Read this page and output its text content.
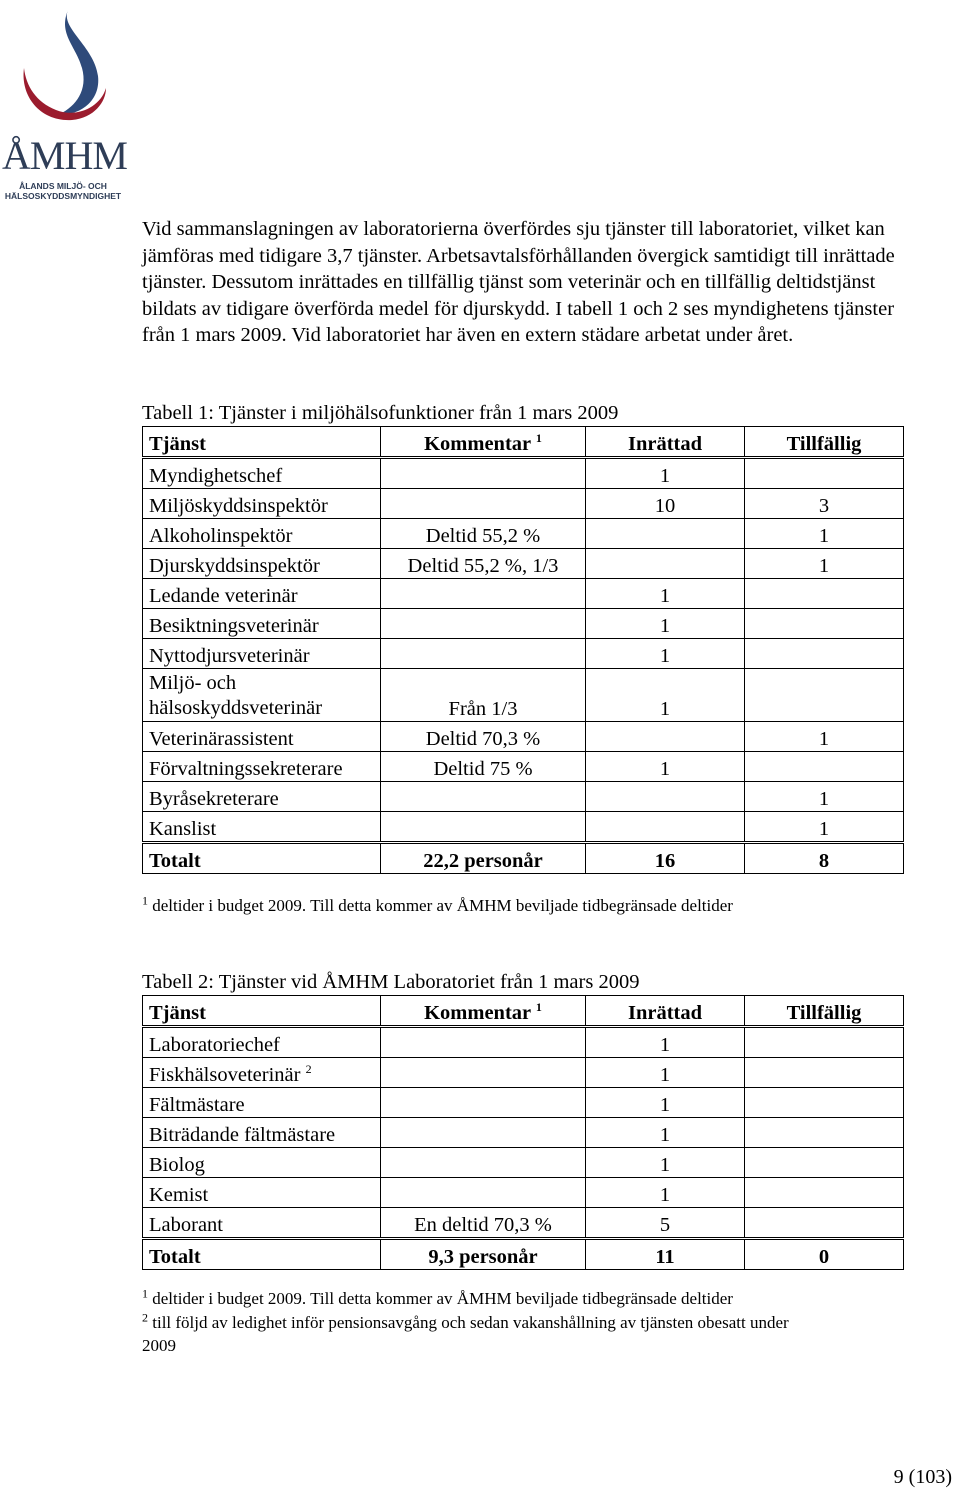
ÅMHM
ÅLANDS MILJÖ- OCH
HÄLSOSKYDDSMYNDIGHET

Vid sammanslagningen av laboratorierna överfördes sju tjänster till laboratoriet, vilket kan jämföras med tidigare 3,7 tjänster. Arbetsavtalsförhållanden övergick samtidigt till inrättade tjänster. Dessutom inrättades en tillfällig tjänst som veterinär och en tillfällig deltidstjänst bildats av tidigare överförda medel för djurskydd. I tabell 1 och 2 ses myndighetens tjänster från 1 mars 2009. Vid laboratoriet har även en extern städare arbetat under året.

Tabell 1: Tjänster i miljöhälsofunktioner från 1 mars 2009

Tjänst	Kommentar $^1$	Inrättad	Tillfällig
Myndighetschef		1	
Miljöskyddsinspektör		10	3
Alkoholinspektör	Deltid 55,2 %		1
Djurskyddsinspektör	Deltid 55,2 %, 1/3		1
Ledande veterinär		1	
Besiktningsveterinär		1	
Nyttodjursveterinär		1	

Miljö- och
hälsoskyddsveterinär	Från 1/3	1	
Veterinärassistent	Deltid 70,3 %		1
Förvaltningssekreterare	Deltid 75 %	1	
Byråsekreterare			1
Kanslist			1
Totalt	22,2 personår	16	8

$^1$ deltider i budget 2009. Till detta kommer av ÅMHM beviljade tidbegränsade deltider

Tabell 2: Tjänster vid ÅMHM Laboratoriet från 1 mars 2009

Tjänst	Kommentar $^1$	Inrättad	Tillfällig
Laboratoriechef		1	
Fiskhälsoveterinär $^2$		1	
Fältmästare		1	
Biträdande fältmästare		1	
Biolog		1	
Kemist		1	
Laborant	En deltid 70,3 %	5	
Totalt	9,3 personår	11	0

$^1$ deltider i budget 2009. Till detta kommer av ÅMHM beviljade tidbegränsade deltider

$^2$ till följd av ledighet inför pensionsavgång och sedan vakanshållning av tjänsten obesatt under
2009

9 (103)
